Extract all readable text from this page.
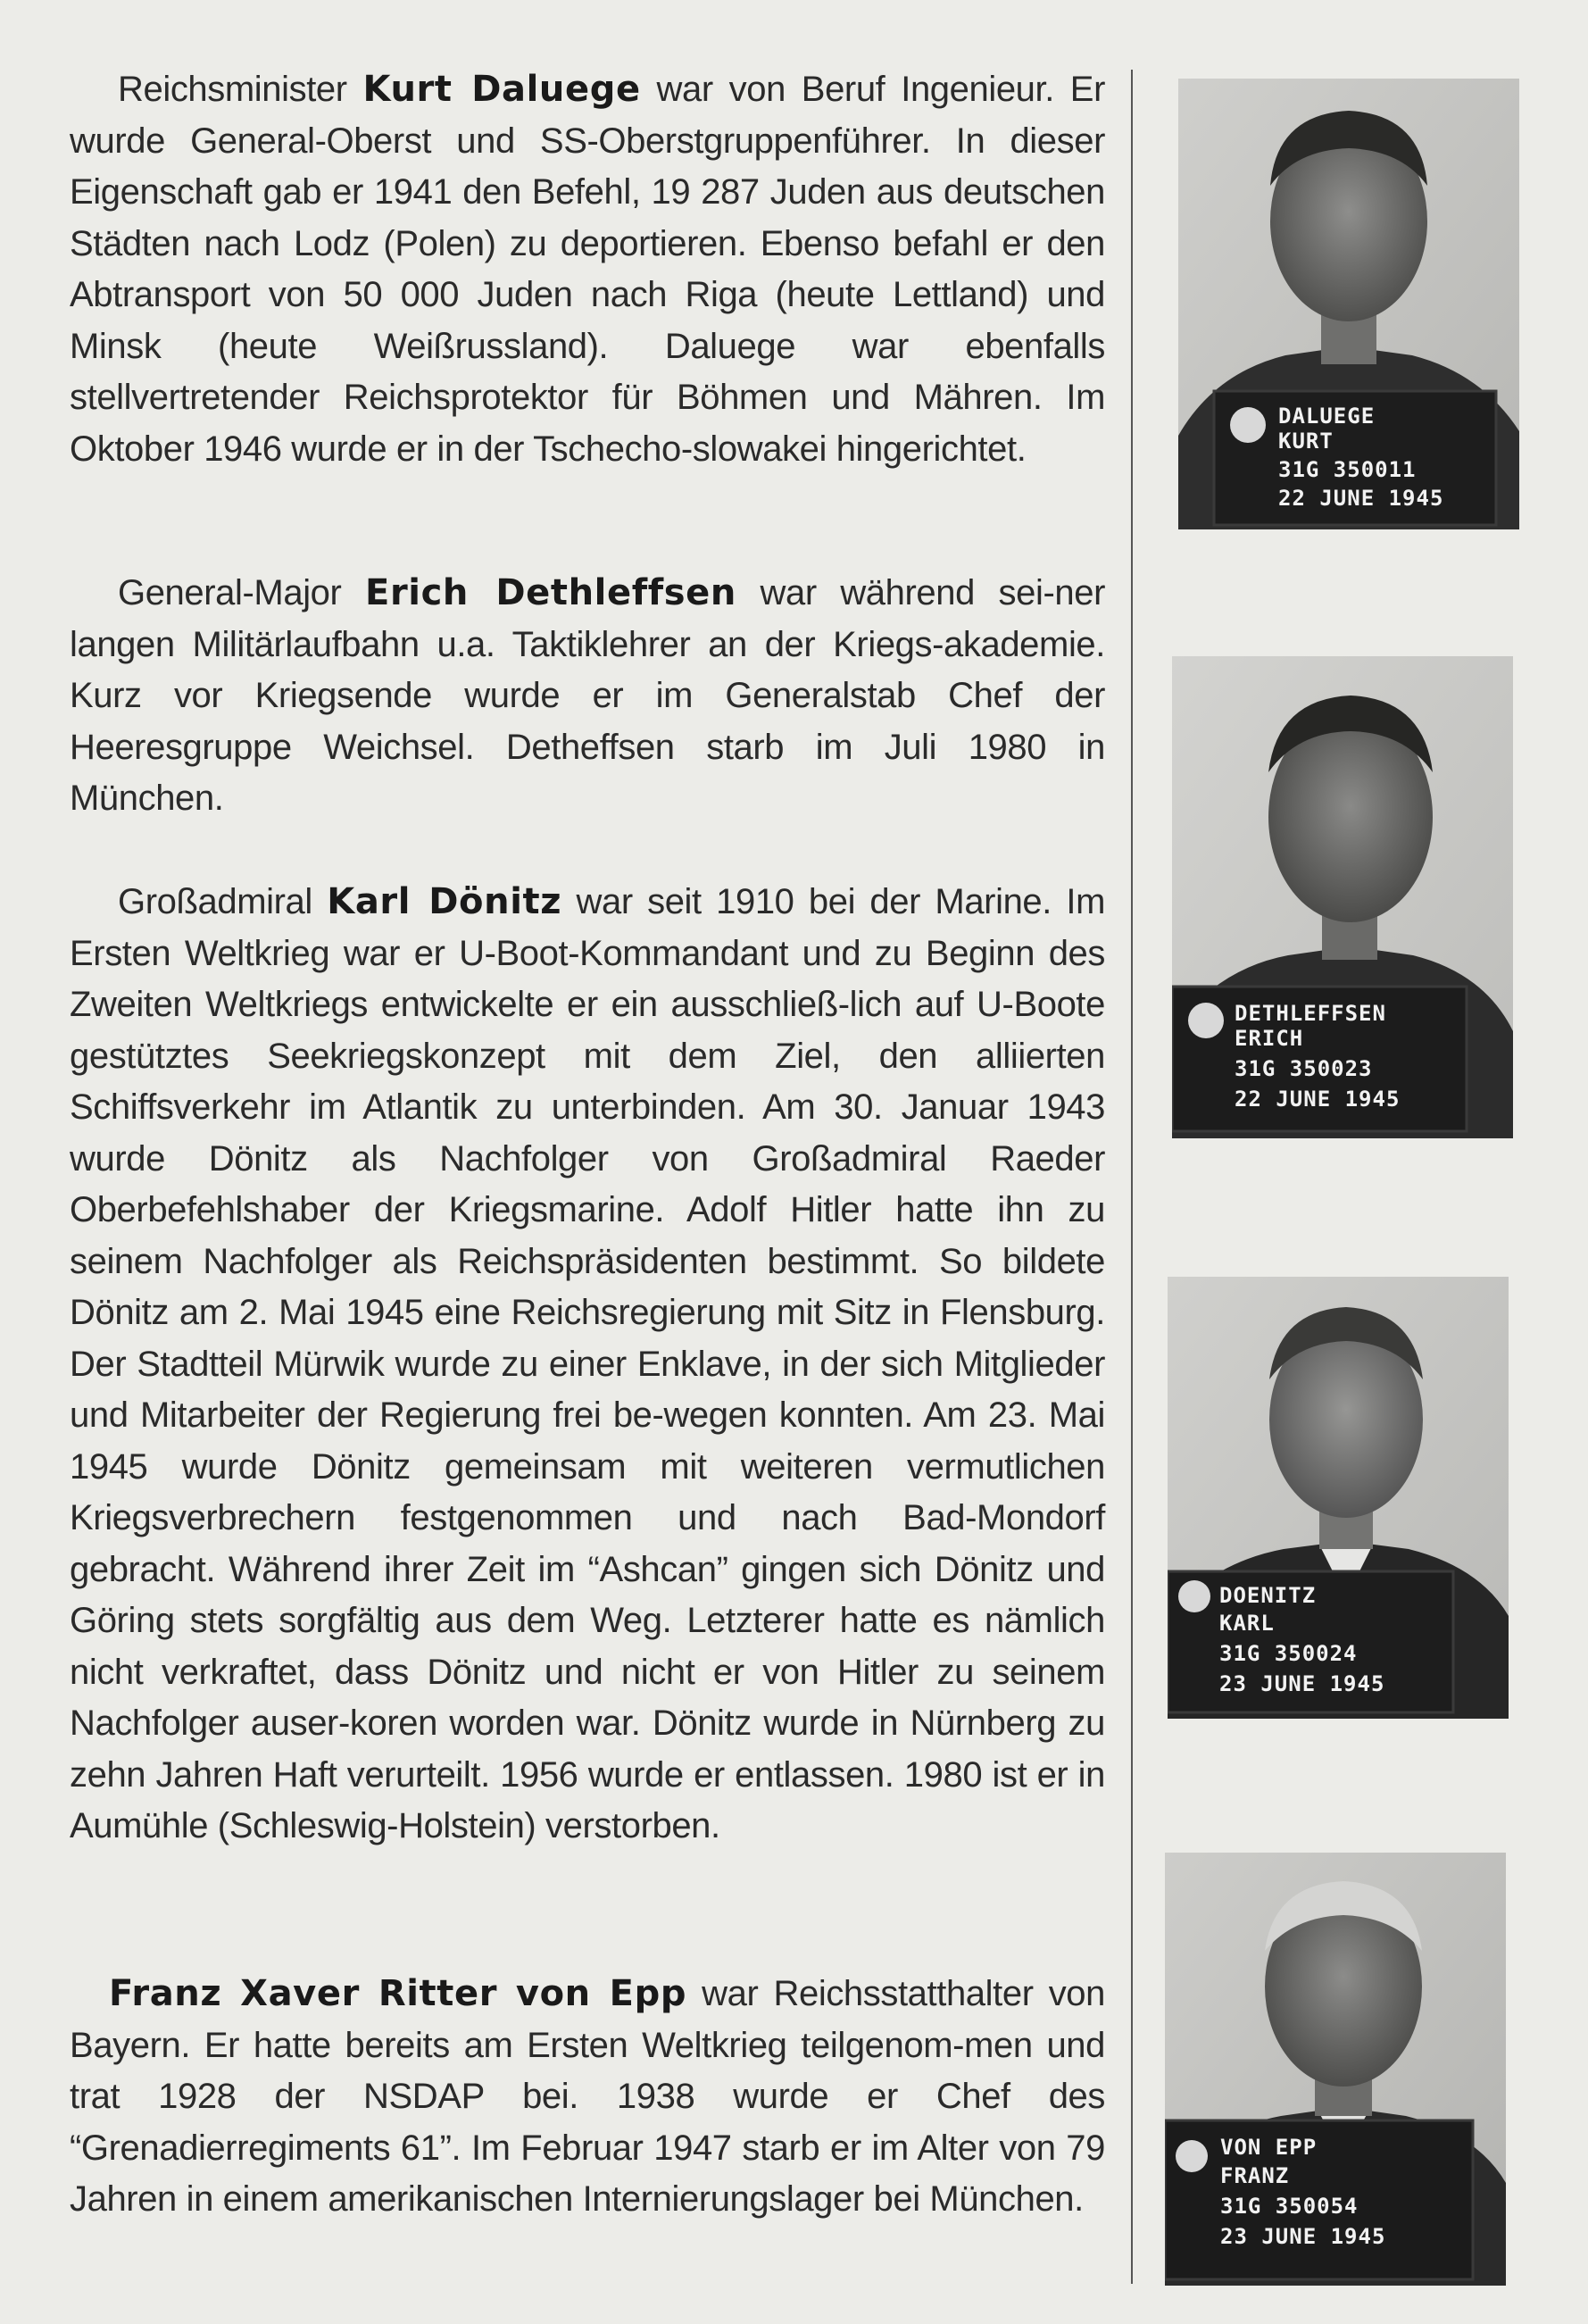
Reichsminister Kurt Daluege war von Beruf Ingenieur. Er wurde General-Oberst und SS-Oberstgruppenführer. In dieser Eigenschaft gab er 1941 den Befehl, 19 287 Juden aus deutschen Städten nach Lodz (Polen) zu deportieren. Ebenso befahl er den Abtransport von 50 000 Juden nach Riga (heute Lettland) und Minsk (heute Weißrussland). Daluege war ebenfalls stellvertretender Reichsprotektor für Böhmen und Mähren. Im Oktober 1946 wurde er in der Tschecho-slowakei hingerichtet.

General-Major Erich Dethleffsen war während sei-ner langen Militärlaufbahn u.a. Taktiklehrer an der Kriegs-akademie. Kurz vor Kriegsende wurde er im Generalstab Chef der Heeresgruppe Weichsel. Detheffsen starb im Juli 1980 in München.

Großadmiral Karl Dönitz war seit 1910 bei der Marine. Im Ersten Weltkrieg war er U-Boot-Kommandant und zu Beginn des Zweiten Weltkriegs entwickelte er ein ausschließ-lich auf U-Boote gestütztes Seekriegskonzept mit dem Ziel, den alliierten Schiffsverkehr im Atlantik zu unterbinden. Am 30. Januar 1943 wurde Dönitz als Nachfolger von Großadmiral Raeder Oberbefehlshaber der Kriegsmarine. Adolf Hitler hatte ihn zu seinem Nachfolger als Reichspräsidenten bestimmt. So bildete Dönitz am 2. Mai 1945 eine Reichsregierung mit Sitz in Flensburg. Der Stadtteil Mürwik wurde zu einer Enklave, in der sich Mitglieder und Mitarbeiter der Regierung frei be-wegen konnten. Am 23. Mai 1945 wurde Dönitz gemeinsam mit weiteren vermutlichen Kriegsverbrechern festgenommen und nach Bad-Mondorf gebracht. Während ihrer Zeit im “Ashcan” gingen sich Dönitz und Göring stets sorgfältig aus dem Weg. Letzterer hatte es nämlich nicht verkraftet, dass Dönitz und nicht er von Hitler zu seinem Nachfolger auser-koren worden war. Dönitz wurde in Nürnberg zu zehn Jahren Haft verurteilt. 1956 wurde er entlassen. 1980 ist er in Aumühle (Schleswig-Holstein) verstorben.

Franz Xaver Ritter von Epp war Reichsstatthalter von Bayern. Er hatte bereits am Ersten Weltkrieg teilgenom-men und trat 1928 der NSDAP bei. 1938 wurde er Chef des “Grenadierregiments 61”. Im Februar 1947 starb er im Alter von 79 Jahren in einem amerikanischen Internierungslager bei München.

DALUEGE
KURT
31G 350011
22 JUNE 1945
DETHLEFFSEN
ERICH
31G 350023
22 JUNE 1945
DOENITZ
KARL
31G 350024
23 JUNE 1945
VON EPP
FRANZ
31G 350054
23 JUNE 1945
